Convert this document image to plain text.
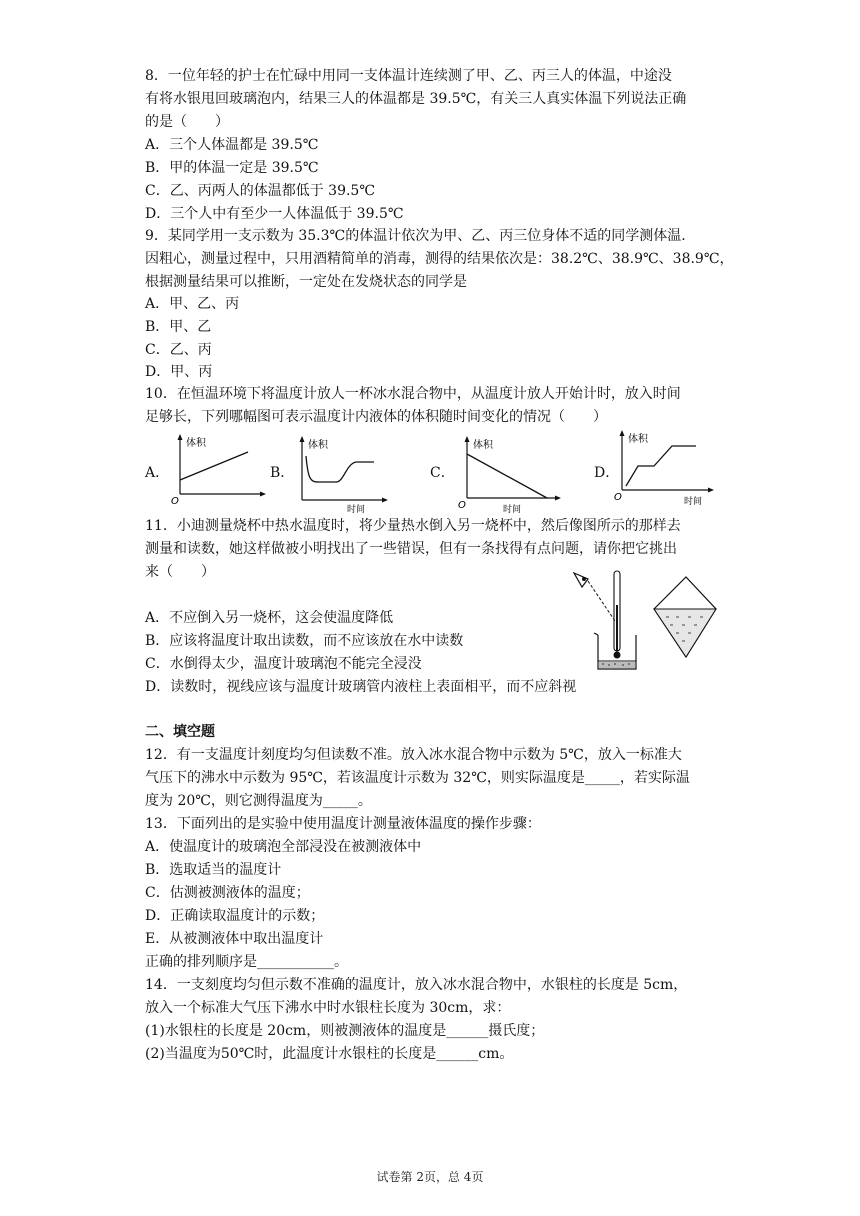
8．一位年轻的护士在忙碌中用同一支体温计连续测了甲、乙、丙三人的体温，中途没
有将水银甩回玻璃泡内，结果三人的体温都是 39.5℃，有关三人真实体温下列说法正确
的是（　　）
A．三个人体温都是 39.5℃
B．甲的体温一定是 39.5℃
C．乙、丙两人的体温都低于 39.5℃
D．三个人中有至少一人体温低于 39.5℃
9．某同学用一支示数为 35.3℃的体温计依次为甲、乙、丙三位身体不适的同学测体温.
因粗心，测量过程中，只用酒精简单的消毒，测得的结果依次是：38.2℃、38.9℃、38.9℃，
根据测量结果可以推断，一定处在发烧状态的同学是
A．甲、乙、丙
B．甲、乙
C．乙、丙
D．甲、丙
10．在恒温环境下将温度计放人一杯冰水混合物中，从温度计放人开始计时，放入时间
足够长，下列哪幅图可表示温度计内液体的体积随时间变化的情况（　　）
A．	B．	C．	D．
体积
O
体积
时间
体积
O	时间
体积
O	时间
11．小迪测量烧杯中热水温度时，将少量热水倒入另一烧杯中，然后像图所示的那样去
测量和读数，她这样做被小明找出了一些错误，但有一条找得有点问题，请你把它挑出
来（　　）
A．不应倒入另一烧杯，这会使温度降低
B．应该将温度计取出读数，而不应该放在水中读数
C．水倒得太少，温度计玻璃泡不能完全浸没
D．读数时，视线应该与温度计玻璃管内液柱上表面相平，而不应斜视
二、填空题
12．有一支温度计刻度均匀但读数不准。放入冰水混合物中示数为 5℃，放入一标准大
气压下的沸水中示数为 95℃，若该温度计示数为 32℃，则实际温度是_____，若实际温
度为 20℃，则它测得温度为_____。
13．下面列出的是实验中使用温度计测量液体温度的操作步骤：
A．使温度计的玻璃泡全部浸没在被测液体中
B．选取适当的温度计
C．估测被测液体的温度；
D．正确读取温度计的示数；
E．从被测液体中取出温度计
正确的排列顺序是___________。
14．一支刻度均匀但示数不准确的温度计，放入冰水混合物中，水银柱的长度是 5cm，
放入一个标准大气压下沸水中时水银柱长度为 30cm，求：
(1)水银柱的长度是 20cm，则被测液体的温度是______摄氏度；
(2)当温度为50℃时，此温度计水银柱的长度是______cm。
试卷第 2页，总 4页
